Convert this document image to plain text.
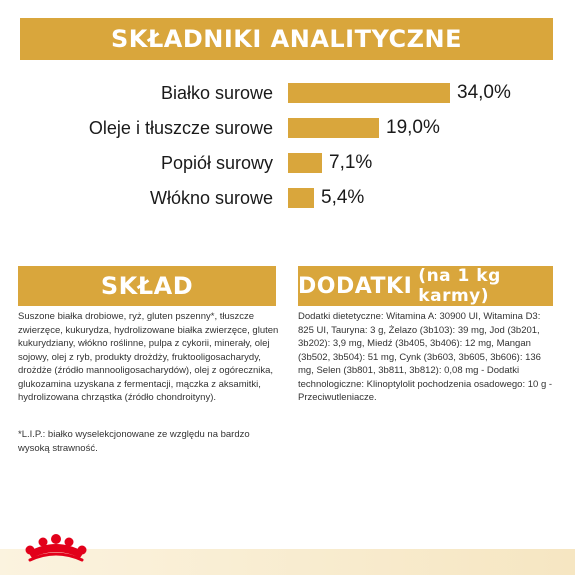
SKŁADNIKI ANALITYCZNE
Białko surowe	34,0%
Oleje i tłuszcze surowe	19,0%
Popiół surowy	7,1%
Włókno surowe	5,4%
SKŁAD
Suszone białka drobiowe, ryż, gluten pszenny*, tłuszcze zwierzęce, kukurydza, hydrolizowane białka zwierzęce, gluten kukurydziany, włókno roślinne, pulpa z cykorii, minerały, olej sojowy, olej z ryb, produkty drożdży, fruktooligosacharydy, drożdże (źródło mannooligosacharydów), olej z ogórecznika, glukozamina uzyskana z fermentacji, mączka z aksamitki, hydrolizowana chrząstka (źródło chondroityny).
*L.I.P.: białko wyselekcjonowane ze względu na bardzo wysoką strawność.
DODATKI (na 1 kg karmy)
Dodatki dietetyczne: Witamina A: 30900 UI, Witamina D3: 825 UI, Tauryna: 3 g, Żelazo (3b103): 39 mg, Jod (3b201, 3b202): 3,9 mg, Miedź (3b405, 3b406): 12 mg, Mangan (3b502, 3b504): 51 mg, Cynk (3b603, 3b605, 3b606): 136 mg, Selen (3b801, 3b811, 3b812): 0,08 mg - Dodatki technologiczne: Klinoptylolit pochodzenia osadowego: 10 g - Przeciwutleniacze.
